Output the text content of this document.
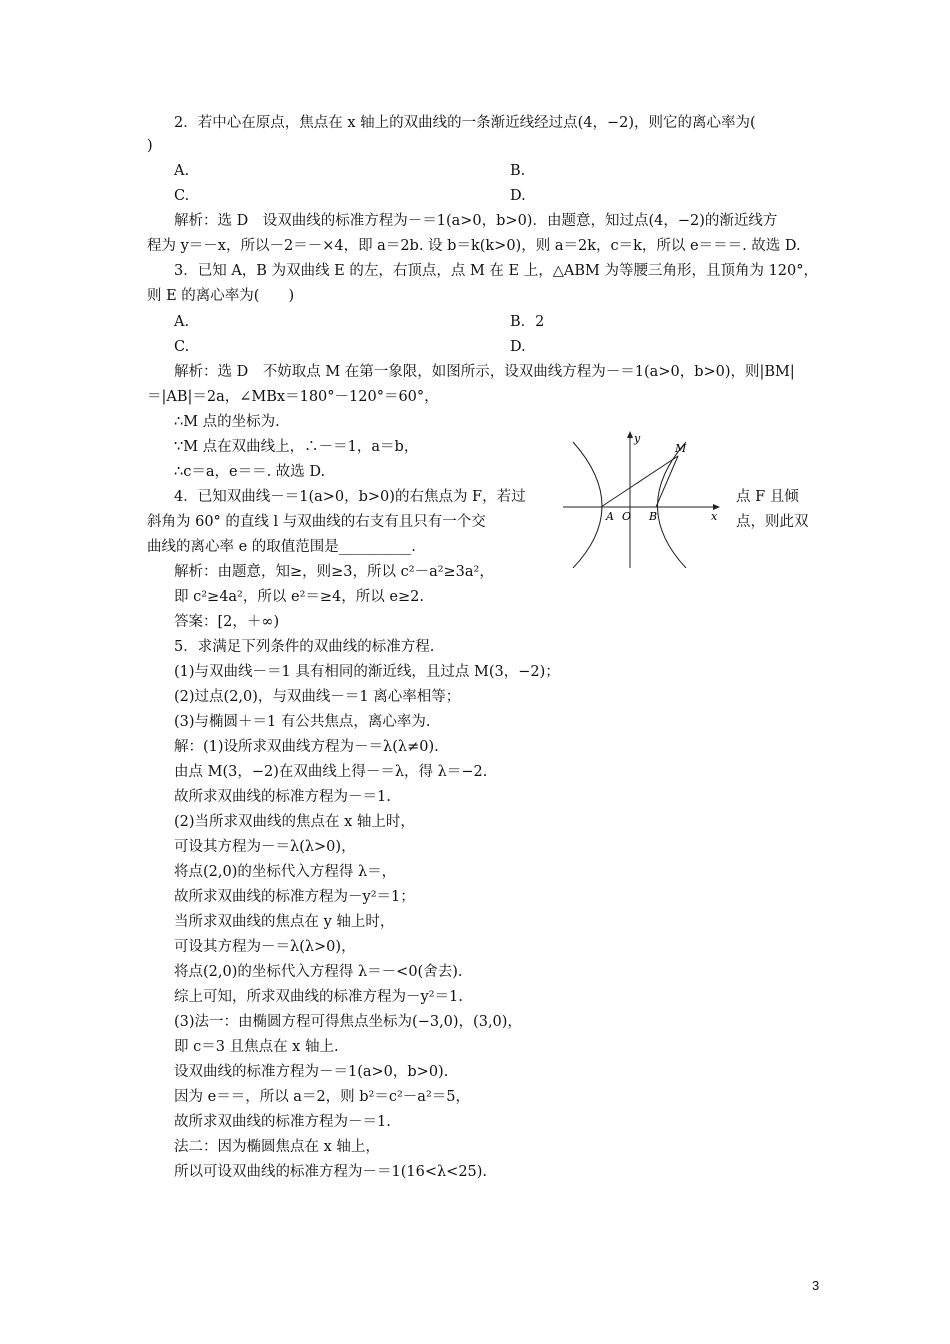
2．若中心在原点，焦点在 x 轴上的双曲线的一条渐近线经过点(4，−2)，则它的离心率为(
)
A.	B.
C.	D.
解析：选 D　设双曲线的标准方程为－＝1(a>0，b>0)．由题意，知过点(4，−2)的渐近线方
程为 y＝－x，所以－2＝－×4，即 a＝2b. 设 b＝k(k>0)，则 a＝2k，c＝k，所以 e＝＝＝. 故选 D.
3．已知 A，B 为双曲线 E 的左，右顶点，点 M 在 E 上，△ABM 为等腰三角形，且顶角为 120°，
则 E 的离心率为(　　)
A.	B．2
C.	D.
解析：选 D　不妨取点 M 在第一象限，如图所示，设双曲线方程为－＝1(a>0，b>0)，则|BM|
＝|AB|＝2a，∠MBx＝180°－120°＝60°，
∴M 点的坐标为.
∵M 点在双曲线上，∴－＝1，a＝b，
∴c＝a，e＝＝. 故选 D.
4．已知双曲线－＝1(a>0，b>0)的右焦点为 F，若过	点 F 且倾
斜角为 60° 的直线 l 与双曲线的右支有且只有一个交	点，则此双
曲线的离心率 e 的取值范围是__________.
解析：由题意，知≥，则≥3，所以 c²－a²≥3a²，
即 c²≥4a²，所以 e²＝≥4，所以 e≥2.
答案：[2，＋∞)
5．求满足下列条件的双曲线的标准方程.
(1)与双曲线－＝1 具有相同的渐近线，且过点 M(3，−2)；
(2)过点(2,0)，与双曲线－＝1 离心率相等；
(3)与椭圆＋＝1 有公共焦点，离心率为.
解：(1)设所求双曲线方程为－＝λ(λ≠0).
由点 M(3，−2)在双曲线上得－＝λ，得 λ＝−2.
故所求双曲线的标准方程为－＝1.
(2)当所求双曲线的焦点在 x 轴上时，
可设其方程为－＝λ(λ>0)，
将点(2,0)的坐标代入方程得 λ＝，
故所求双曲线的标准方程为－y²＝1；
当所求双曲线的焦点在 y 轴上时，
可设其方程为－＝λ(λ>0)，
将点(2,0)的坐标代入方程得 λ＝－<0(舍去).
综上可知，所求双曲线的标准方程为－y²＝1.
(3)法一：由椭圆方程可得焦点坐标为(−3,0)，(3,0)，
即 c＝3 且焦点在 x 轴上.
设双曲线的标准方程为－＝1(a>0，b>0).
因为 e＝＝，所以 a＝2，则 b²＝c²－a²＝5，
故所求双曲线的标准方程为－＝1.
法二：因为椭圆焦点在 x 轴上，
所以可设双曲线的标准方程为－＝1(16<λ<25).
y
x
M
A O B
3
